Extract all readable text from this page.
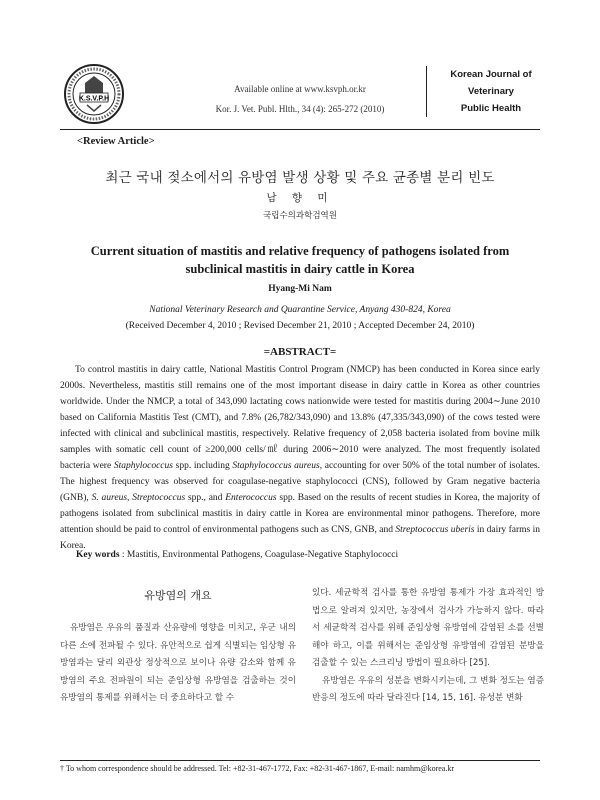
K.S.V.P.H
Available online at www.ksvph.or.kr
Kor. J. Vet. Publ. Hlth., 34 (4): 265-272 (2010)
Korean Journal of
Veterinary
Public Health
<Review Article>
최근 국내 젖소에서의 유방염 발생 상황 및 주요 균종별 분리 빈도
남 향 미
국립수의과학검역원
Current situation of mastitis and relative frequency of pathogens isolated from
subclinical mastitis in dairy cattle in Korea
Hyang-Mi Nam
National Veterinary Research and Quarantine Service, Anyang 430-824, Korea
(Received December 4, 2010 ; Revised December 21, 2010 ; Accepted December 24, 2010)
=ABSTRACT=

To control mastitis in dairy cattle, National Mastitis Control Program (NMCP) has been conducted in Korea since early 2000s. Nevertheless, mastitis still remains one of the most important disease in dairy cattle in Korea as other countries worldwide. Under the NMCP, a total of 343,090 lactating cows nationwide were tested for mastitis during 2004∼June 2010 based on California Mastitis Test (CMT), and 7.8% (26,782/343,090) and 13.8% (47,335/343,090) of the cows tested were infected with clinical and subclinical mastitis, respectively. Relative frequency of 2,058 bacteria isolated from bovine milk samples with somatic cell count of ≥200,000 cells/㎖ during 2006∼2010 were analyzed. The most frequently isolated bacteria were Staphylococcus spp. including Staphylococcus aureus, accounting for over 50% of the total number of isolates. The highest frequency was observed for coagulase-negative staphylococci (CNS), followed by Gram negative bacteria (GNB), S. aureus, Streptococcus spp., and Enterococcus spp. Based on the results of recent studies in Korea, the majority of pathogens isolated from subclinical mastitis in dairy cattle in Korea are environmental minor pathogens. Therefore, more attention should be paid to control of environmental pathogens such as CNS, GNB, and Streptococcus uberis in dairy farms in Korea.

Key words : Mastitis, Environmental Pathogens, Coagulase-Negative Staphylococci
유방염의 개요

유방염은 우유의 품질과 산유량에 영향을 미치고, 우군 내의 다른 소에 전파될 수 있다. 유안적으로 쉽게 식별되는 임상형 유방염과는 달리 외관상 정상적으로 보이나 유량 감소와 함께 유방염의 주요 전파원이 되는 준임상형 유방염을 검출하는 것이 유방염의 통제를 위해서는 더 중요하다고 할 수

있다. 세균학적 검사를 통한 유방염 통제가 가장 효과적인 방법으로 알려져 있지만, 농장에서 검사가 가능하지 않다. 따라서 세균학적 검사를 위해 준임상형 유방염에 감염된 소를 선별해야 하고, 이를 위해서는 준임상형 유방염에 감염된 분방을 검출할 수 있는 스크리닝 방법이 필요하다 [25].

유방염은 우유의 성분을 변화시키는데, 그 변화 정도는 염증반응의 정도에 따라 달라진다 [14, 15, 16]. 유성분 변화

† To whom correspondence should be addressed. Tel: +82-31-467-1772, Fax: +82-31-467-1867, E-mail: namhm@korea.kr
